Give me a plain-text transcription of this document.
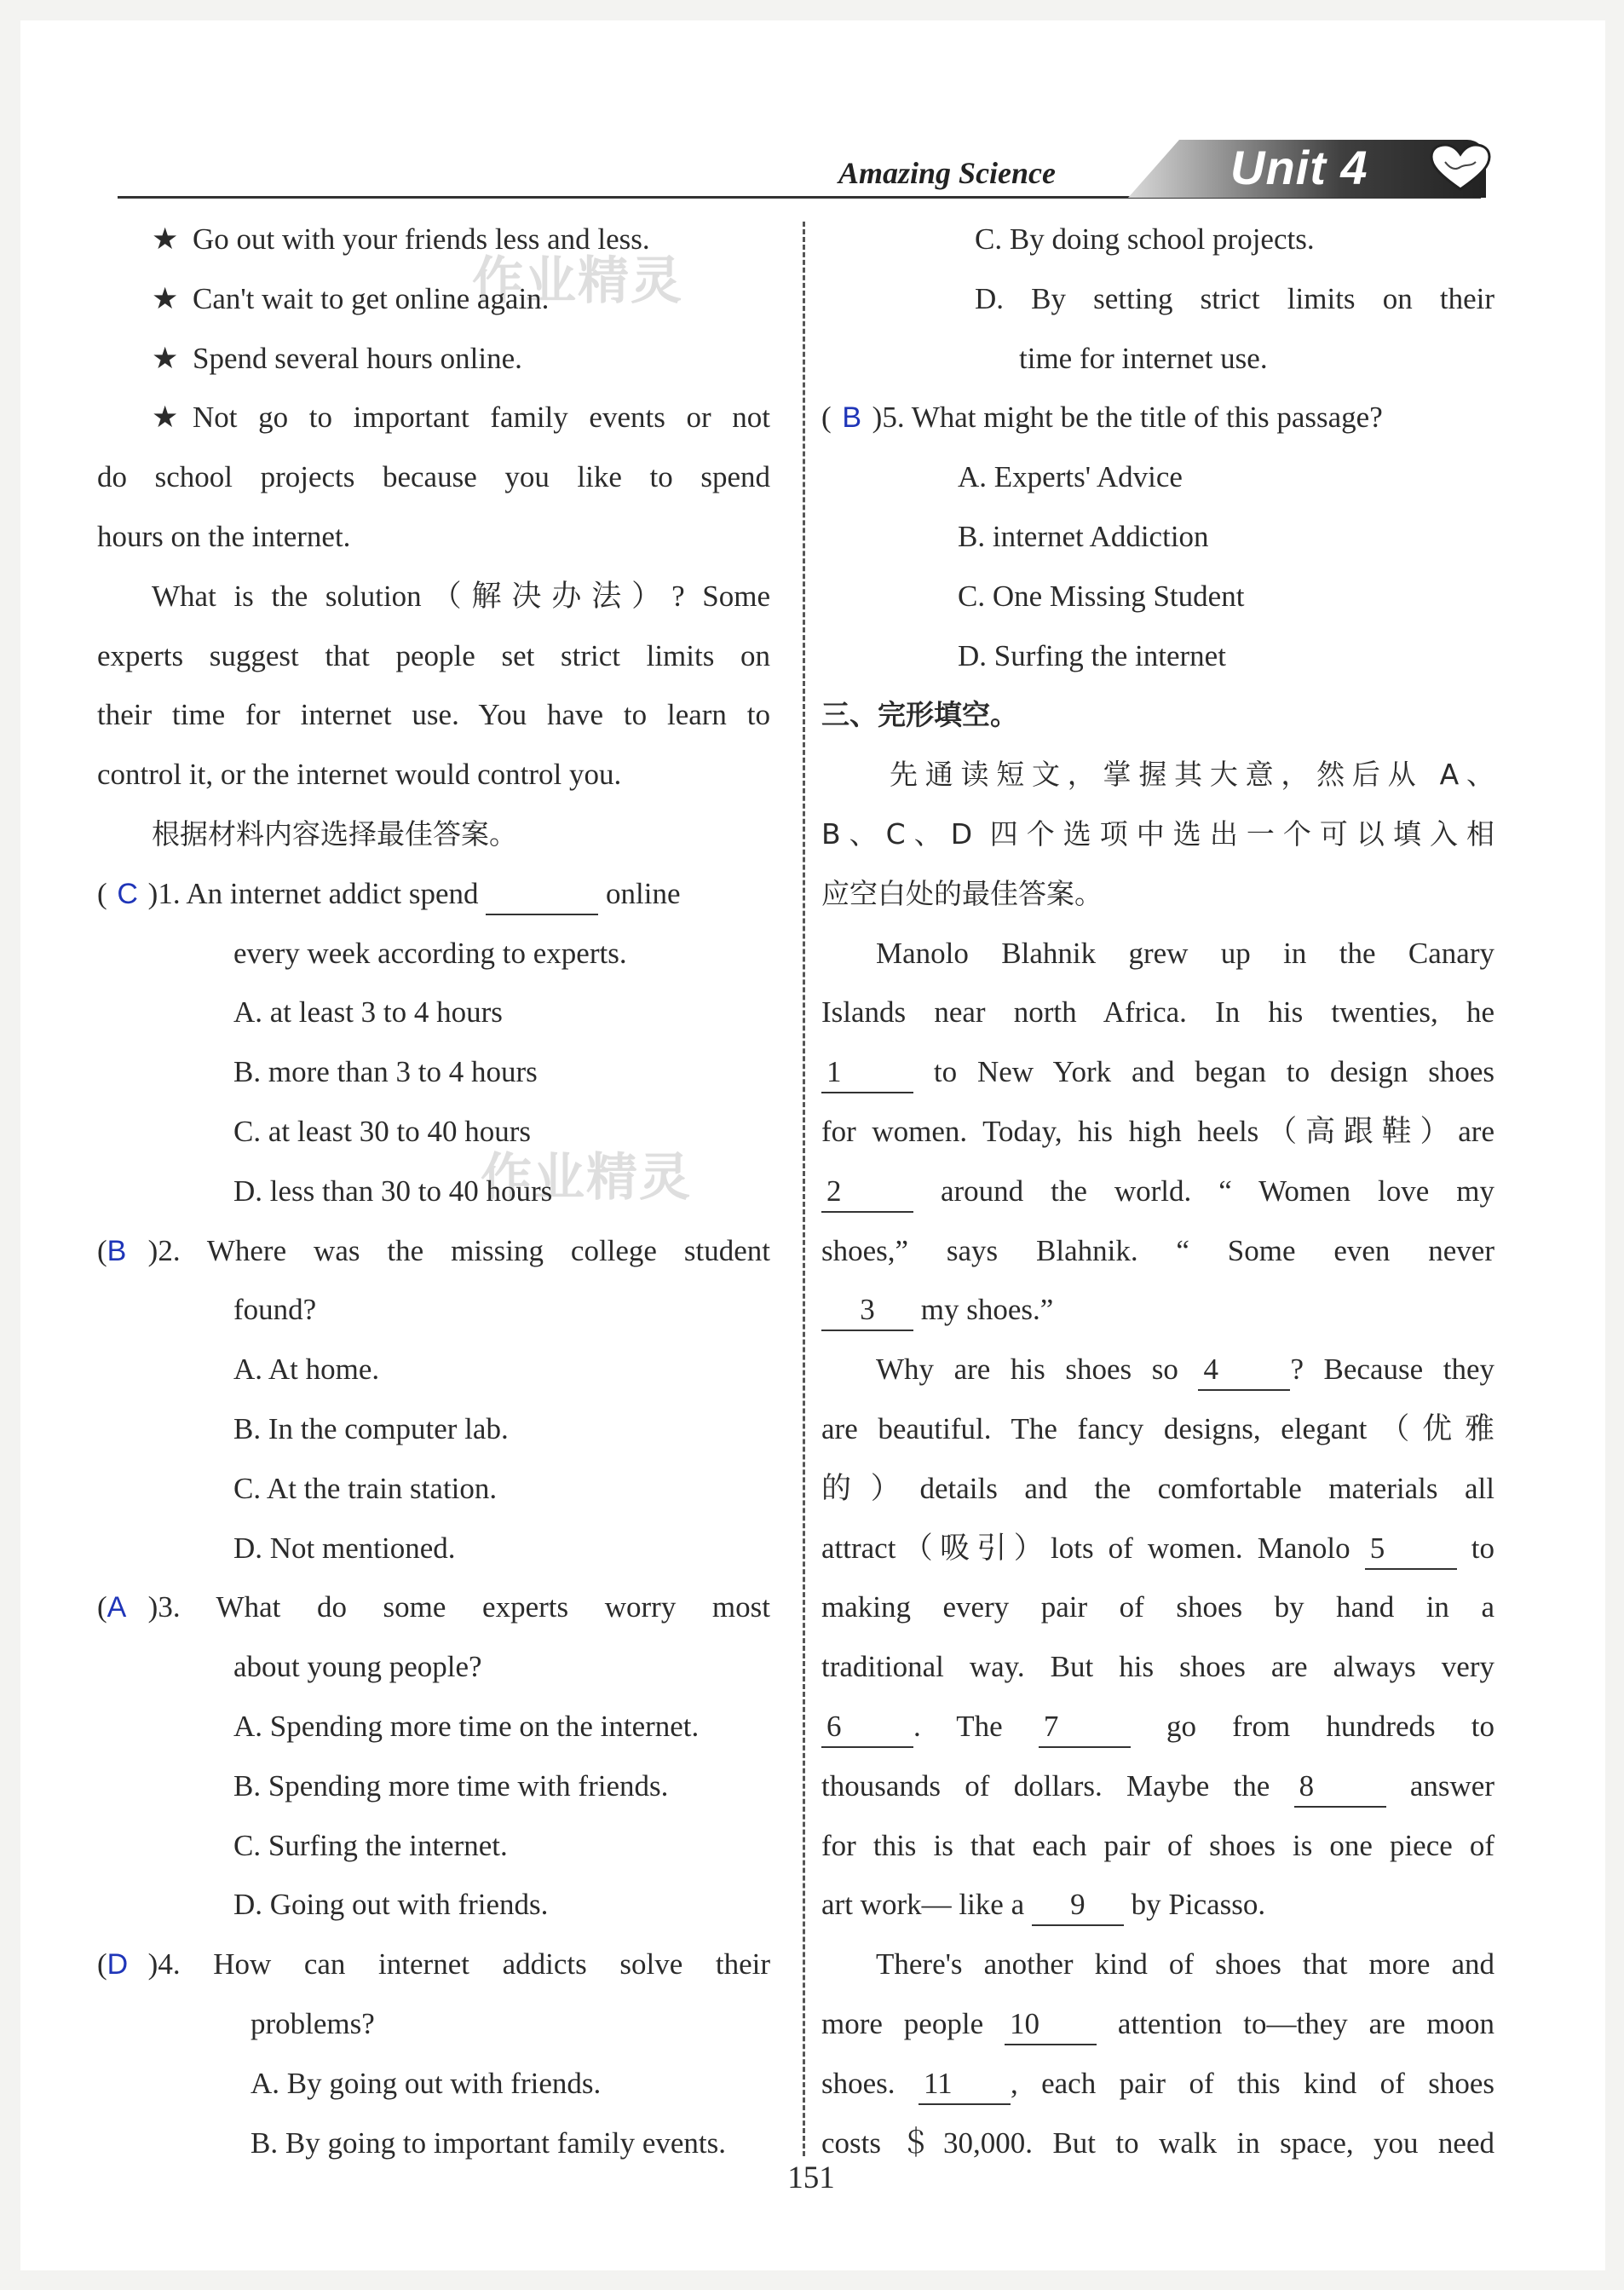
Amazing Science	Unit 4
作业精灵
作业精灵
★ Go out with your friends less and less.
★ Can't wait to get online again.
★ Spend several hours online.
★ Not go to important family events or not
do school projects because you like to spend
hours on the internet.
What is the solution（解决办法）? Some
experts suggest that people set strict limits on
their time for internet use. You have to learn to
control it, or the internet would control you.
根据材料内容选择最佳答案。
( C )1. An internet addict spend	online
every week according to experts.
A. at least 3 to 4 hours
B. more than 3 to 4 hours
C. at least 30 to 40 hours
D. less than 30 to 40 hours
(B )2. Where was the missing college student
found?
A. At home.
B. In the computer lab.
C. At the train station.
D. Not mentioned.
(A )3. What do some experts worry most
about young people?
A. Spending more time on the internet.
B. Spending more time with friends.
C. Surfing the internet.
D. Going out with friends.
(D )4. How can internet addicts solve their
problems?
A. By going out with friends.
B. By going to important family events.
C. By doing school projects.
D. By setting strict limits on their
time for internet use.
( B )5. What might be the title of this passage?
A. Experts' Advice
B. internet Addiction
C. One Missing Student
D. Surfing the internet
三、完形填空。
先通读短文，掌握其大意，然后从 A、
B、C、D 四个选项中选出一个可以填入相
应空白处的最佳答案。
Manolo Blahnik grew up in the Canary
Islands near north Africa. In his twenties, he
1	to New York and began to design shoes
for women. Today, his high heels（高跟鞋）are
2	around the world. “ Women love my
shoes,” says Blahnik. “ Some even never
3 my shoes.”
Why are his shoes so 4 ? Because they
are beautiful. The fancy designs, elegant（优雅
的）details and the comfortable materials all
attract（吸引）lots of women. Manolo 5	to
making every pair of shoes by hand in a
traditional way. But his shoes are always very
6 . The 7	go from hundreds to
thousands of dollars. Maybe the 8	answer
for this is that each pair of shoes is one piece of
art work— like a 9 by Picasso.
There's another kind of shoes that more and
more people 10	attention to—they are moon
shoes. 11 , each pair of this kind of shoes
costs ＄30,000. But to walk in space, you need
151
